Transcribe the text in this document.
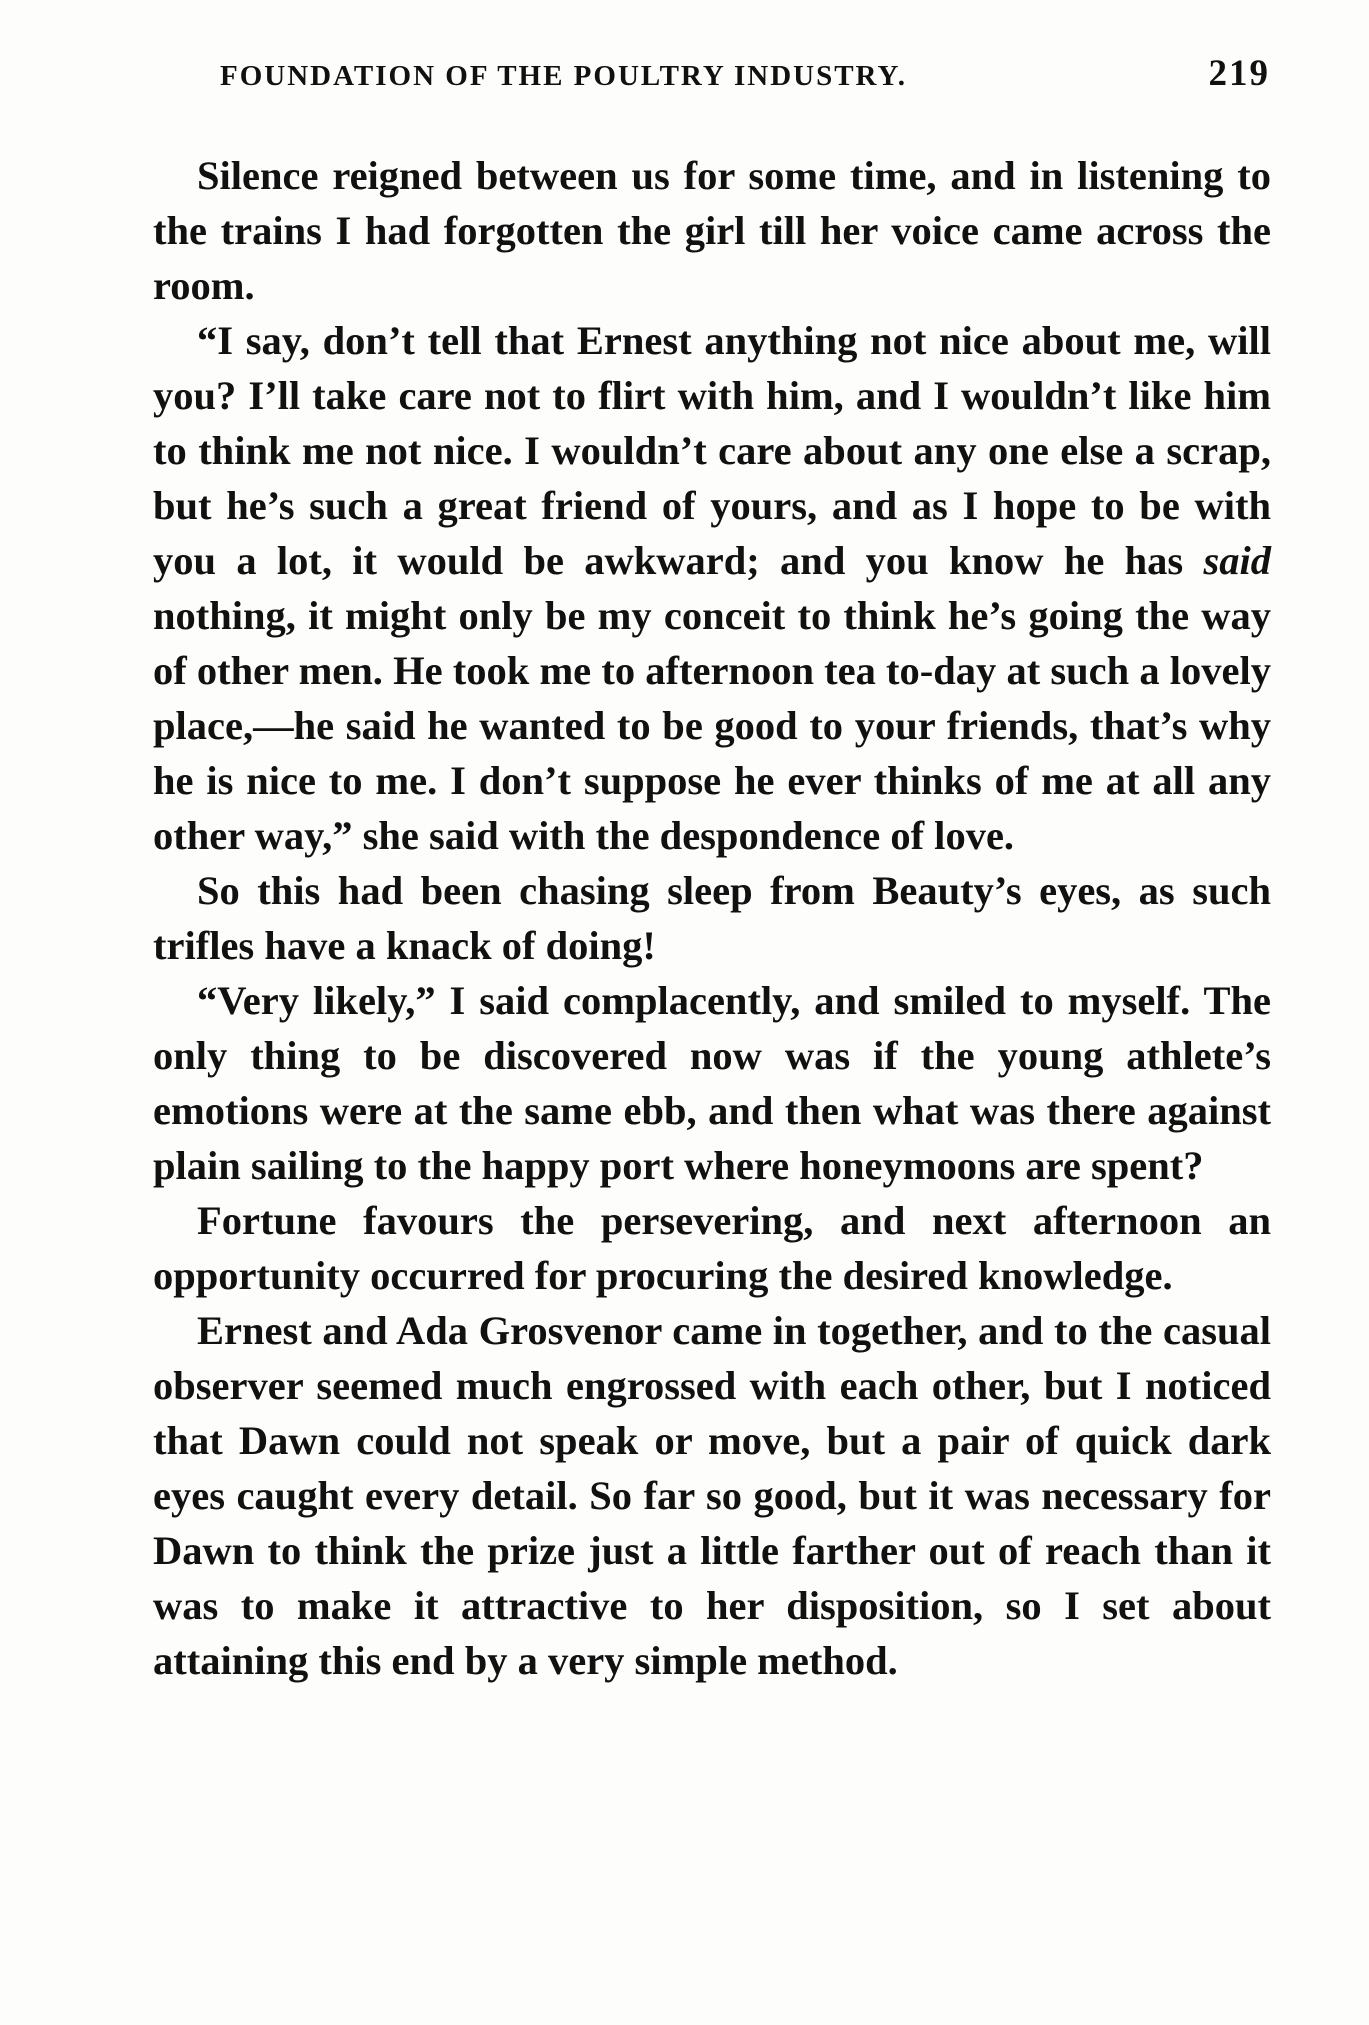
FOUNDATION OF THE POULTRY INDUSTRY.	219

Silence reigned between us for some time, and in listening to the trains I had forgotten the girl till her voice came across the room.

“I say, don’t tell that Ernest anything not nice about me, will you? I’ll take care not to flirt with him, and I wouldn’t like him to think me not nice. I wouldn’t care about any one else a scrap, but he’s such a great friend of yours, and as I hope to be with you a lot, it would be awkward; and you know he has said nothing, it might only be my conceit to think he’s going the way of other men. He took me to afternoon tea to-day at such a lovely place,—he said he wanted to be good to your friends, that’s why he is nice to me. I don’t suppose he ever thinks of me at all any other way,” she said with the despondence of love.

So this had been chasing sleep from Beauty’s eyes, as such trifles have a knack of doing!

“Very likely,” I said complacently, and smiled to myself. The only thing to be discovered now was if the young athlete’s emotions were at the same ebb, and then what was there against plain sailing to the happy port where honeymoons are spent?

Fortune favours the persevering, and next afternoon an opportunity occurred for procuring the desired knowledge.

Ernest and Ada Grosvenor came in together, and to the casual observer seemed much engrossed with each other, but I noticed that Dawn could not speak or move, but a pair of quick dark eyes caught every detail. So far so good, but it was necessary for Dawn to think the prize just a little farther out of reach than it was to make it attractive to her disposition, so I set about attaining this end by a very simple method.
